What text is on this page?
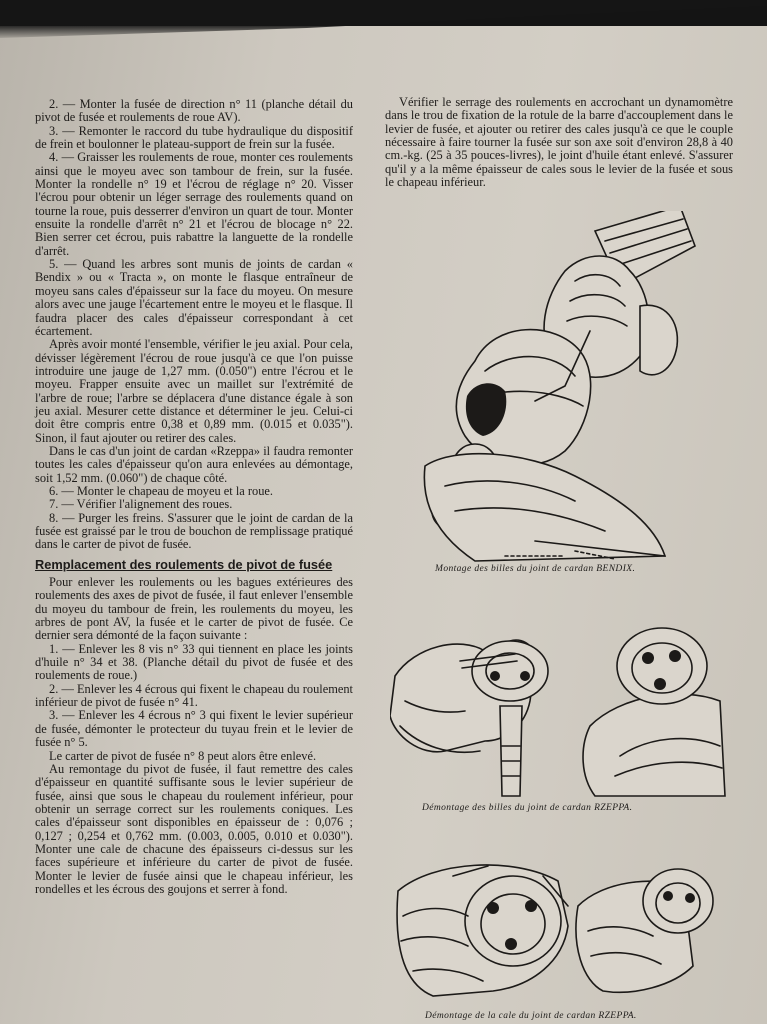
2. — Monter la fusée de direction n° 11 (planche détail du pivot de fusée et roulements de roue AV).

3. — Remonter le raccord du tube hydraulique du dispositif de frein et boulonner le plateau-support de frein sur la fusée.

4. — Graisser les roulements de roue, monter ces roulements ainsi que le moyeu avec son tambour de frein, sur la fusée. Monter la rondelle n° 19 et l'écrou de réglage n° 20. Visser l'écrou pour obtenir un léger serrage des roulements quand on tourne la roue, puis desserrer d'environ un quart de tour. Monter ensuite la rondelle d'arrêt n° 21 et l'écrou de blocage n° 22. Bien serrer cet écrou, puis rabattre la languette de la rondelle d'arrêt.

5. — Quand les arbres sont munis de joints de cardan « Bendix » ou « Tracta », on monte le flasque entraîneur de moyeu sans cales d'épaisseur sur la face du moyeu. On mesure alors avec une jauge l'écartement entre le moyeu et le flasque. Il faudra placer des cales d'épaisseur correspondant à cet écartement.

Après avoir monté l'ensemble, vérifier le jeu axial. Pour cela, dévisser légèrement l'écrou de roue jusqu'à ce que l'on puisse introduire une jauge de 1,27 mm. (0.050") entre l'écrou et le moyeu. Frapper ensuite avec un maillet sur l'extrémité de l'arbre de roue; l'arbre se déplacera d'une distance égale à son jeu axial. Mesurer cette distance et déterminer le jeu. Celui-ci doit être compris entre 0,38 et 0,89 mm. (0.015 et 0.035"). Sinon, il faut ajouter ou retirer des cales.

Dans le cas d'un joint de cardan «Rzeppa» il faudra remonter toutes les cales d'épaisseur qu'on aura enlevées au démontage, soit 1,52 mm. (0.060") de chaque côté.

6. — Monter le chapeau de moyeu et la roue.

7. — Vérifier l'alignement des roues.

8. — Purger les freins. S'assurer que le joint de cardan de la fusée est graissé par le trou de bouchon de remplissage pratiqué dans le carter de pivot de fusée.

Remplacement des roulements de pivot de fusée

Pour enlever les roulements ou les bagues extérieures des roulements des axes de pivot de fusée, il faut enlever l'ensemble du moyeu du tambour de frein, les roulements du moyeu, les arbres de pont AV, la fusée et le carter de pivot de fusée. Ce dernier sera démonté de la façon suivante :

1. — Enlever les 8 vis n° 33 qui tiennent en place les joints d'huile n° 34 et 38. (Planche détail du pivot de fusée et des roulements de roue.)

2. — Enlever les 4 écrous qui fixent le chapeau du roulement inférieur de pivot de fusée n° 41.

3. — Enlever les 4 écrous n° 3 qui fixent le levier supérieur de fusée, démonter le protecteur du tuyau frein et le levier de fusée n° 5.

Le carter de pivot de fusée n° 8 peut alors être enlevé.

Au remontage du pivot de fusée, il faut remettre des cales d'épaisseur en quantité suffisante sous le levier supérieur de fusée, ainsi que sous le chapeau du roulement inférieur, pour obtenir un serrage correct sur les roulements coniques. Les cales d'épaisseur sont disponibles en épaisseur de : 0,076 ; 0,127 ; 0,254 et 0,762 mm. (0.003, 0.005, 0.010 et 0.030"). Monter une cale de chacune des épaisseurs ci-dessus sur les faces supérieure et inférieure du carter de pivot de fusée. Monter le levier de fusée ainsi que le chapeau inférieur, les rondelles et les écrous des goujons et serrer à fond.

Vérifier le serrage des roulements en accrochant un dynamomètre dans le trou de fixation de la rotule de la barre d'accouplement dans le levier de fusée, et ajouter ou retirer des cales jusqu'à ce que le couple nécessaire à faire tourner la fusée sur son axe soit d'environ 28,8 à 40 cm.-kg. (25 à 35 pouces-livres), le joint d'huile étant enlevé. S'assurer qu'il y a la même épaisseur de cales sous le levier de la fusée et sous le chapeau inférieur.

Montage des billes du joint de cardan BENDIX.
Démontage des billes du joint de cardan RZEPPA.
Démontage de la cale du joint de cardan RZEPPA.
